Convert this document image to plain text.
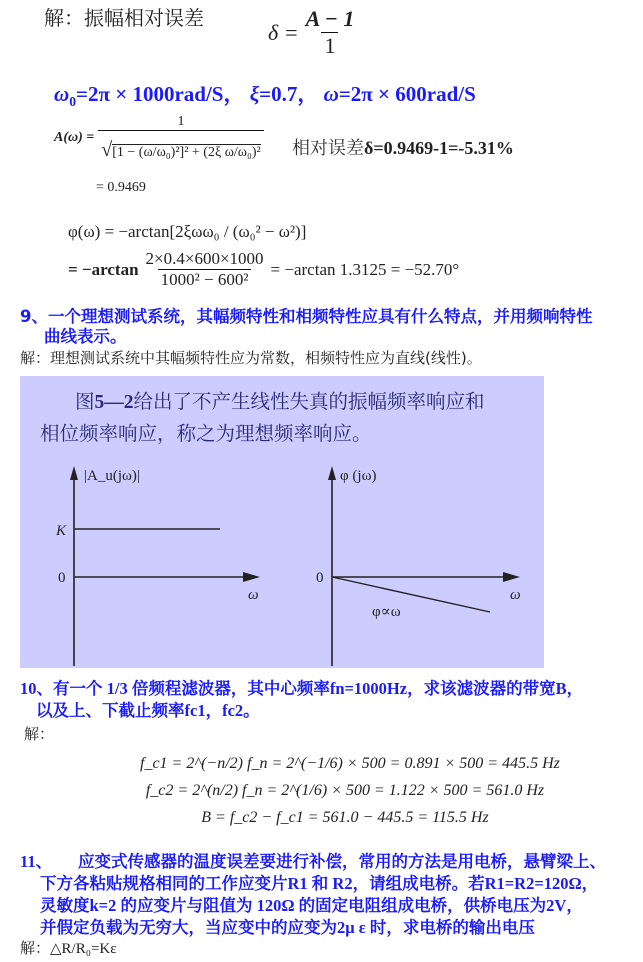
解：振幅相对误差
$\delta = \frac{A - 1}{1}$
$\omega_0=2\pi \times 1000rad/S$， ξ=0.7， ω=2π × 600rad/S
$A(\omega) = \frac{1}{\text{√[1 − (ω/ω₀)²]² + (2ξ ω/ω₀)²}}$
= 0.9469
相对误差δ=0.9469-1=-5.31%
φ(ω) = −arctan[2ξωω₀ / (ω₀² − ω²)]
= $-\arctan \frac{2\times 0.4\times 600\times 1000}{\text{1000² − 600²}} = -\arctan$ 1.3125 = −52.70°
9、一个理想测试系统，其幅频特性和相频特性应具有什么特点，并用频响特性
曲线表示。
解：理想测试系统中其幅频特性应为常数，相频特性应为直线(线性)。
图5—2给出了不产生线性失真的振幅频率响应和
相位频率响应，称之为理想频率响应。
|A_u(jω)|
K
0
ω
φ (jω)
0
ω
φ∝ω
10、有一个 1/3 倍频程滤波器，其中心频率fn=1000Hz，求该滤波器的带宽B，
以及上、下截止频率fc1，fc2。
解：
f_c1 = 2^(−n/2) f_n = 2^(−1/6) × 500 = 0.891 × 500 = 445.5 Hz
f_c2 = 2^(n/2) f_n = 2^(1/6) × 500 = 1.122 × 500 = 561.0 Hz
B = f_c2 − f_c1 = 561.0 − 445.5 = 115.5 Hz
11、 应变式传感器的温度误差要进行补偿，常用的方法是用电桥，悬臂梁上、
下方各粘贴规格相同的工作应变片R1 和 R2，请组成电桥。若R1=R2=120Ω，
灵敏度k=2 的应变片与阻值为 120Ω 的固定电阻组成电桥，供桥电压为2V，
并假定负载为无穷大，当应变中的应变为2μ ε 时，求电桥的输出电压
解：△R/R₀=Kε
